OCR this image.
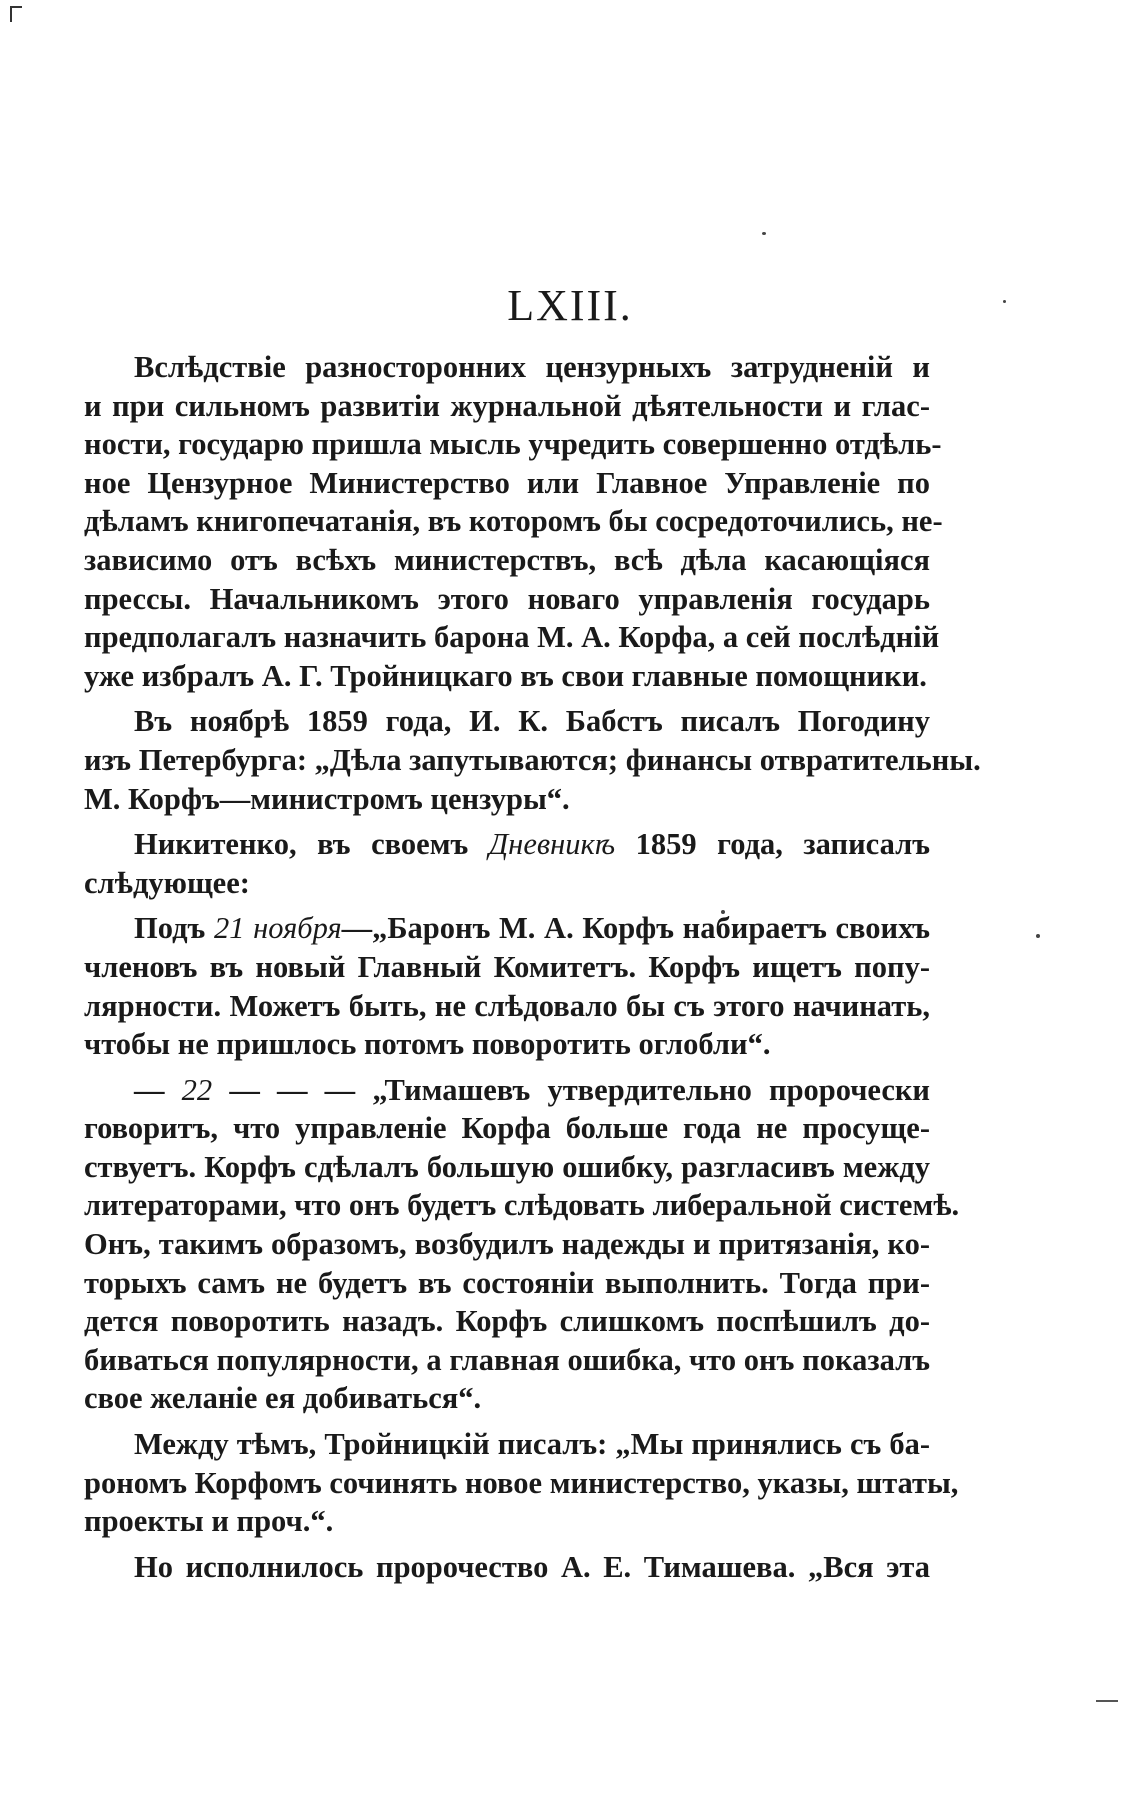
LXIII.
Вслѣдствіе разносторонних цензурныхъ затрудненій и
и при сильномъ развитіи журнальной дѣятельности и глас-
ности, государю пришла мысль учредить совершенно отдѣль-
ное Цензурное Министерство или Главное Управленіе по
дѣламъ книгопечатанія, въ которомъ бы сосредоточились, не-
зависимо отъ всѣхъ министерствъ, всѣ дѣла касающіяся
прессы. Начальникомъ этого новаго управленія государь
предполагалъ назначить барона М. А. Корфа, а сей послѣдній
уже избралъ А. Г. Тройницкаго въ свои главные помощники.
Въ ноябрѣ 1859 года, И. К. Бабстъ писалъ Погодину
изъ Петербурга: „Дѣла запутываются; финансы отвратительны.
М. Корфъ—министромъ цензуры“.
Никитенко, въ своемъ Дневникѣ 1859 года, записалъ
слѣдующее:
Подъ 21 ноября—„Баронъ М. А. Корфъ набираетъ своихъ
членовъ въ новый Главный Комитетъ. Корфъ ищетъ попу-
лярности. Можетъ быть, не слѣдовало бы съ этого начинать,
чтобы не пришлось потомъ поворотить оглобли“.
— 22 — — — „Тимашевъ утвердительно пророчески
говоритъ, что управленіе Корфа больше года не просуще-
ствуетъ. Корфъ сдѣлалъ большую ошибку, разгласивъ между
литераторами, что онъ будетъ слѣдовать либеральной системѣ.
Онъ, такимъ образомъ, возбудилъ надежды и притязанія, ко-
торыхъ самъ не будетъ въ состояніи выполнить. Тогда при-
дется поворотить назадъ. Корфъ слишкомъ поспѣшилъ до-
биваться популярности, а главная ошибка, что онъ показалъ
свое желаніе ея добиваться“.
Между тѣмъ, Тройницкій писалъ: „Мы принялись съ ба-
рономъ Корфомъ сочинять новое министерство, указы, штаты,
проекты и проч.“.
Но исполнилось пророчество А. Е. Тимашева. „Вся эта
